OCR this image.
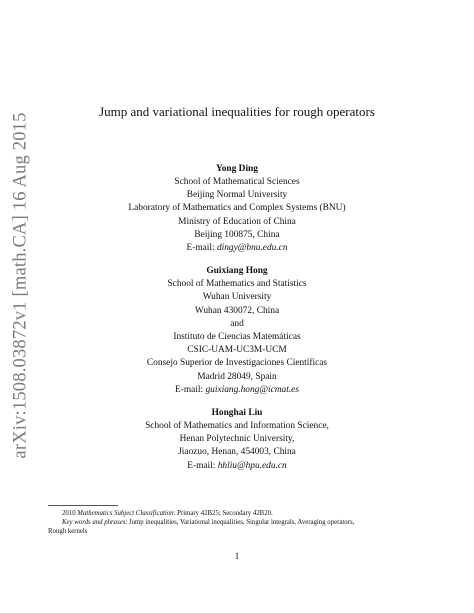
arXiv:1508.03872v1 [math.CA] 16 Aug 2015
Jump and variational inequalities for rough operators
Yong Ding
School of Mathematical Sciences
Beijing Normal University
Laboratory of Mathematics and Complex Systems (BNU)
Ministry of Education of China
Beijing 100875, China
E-mail: dingy@bnu.edu.cn
Guixiang Hong
School of Mathematics and Statistics
Wuhan University
Wuhan 430072, China
and
Instituto de Ciencias Matemáticas
CSIC-UAM-UC3M-UCM
Consejo Superior de Investigaciones Científicas
Madrid 28049, Spain
E-mail: guixiang.hong@icmat.es
Honghai Liu
School of Mathematics and Information Science,
Henan Polytechnic University,
Jiaozuo, Henan, 454003, China
E-mail: hhliu@hpu.edu.cn
2010 Mathematics Subject Classification: Primary 42B25; Secondary 42B20.
Key words and phrases: Jump inequalities, Variational inequalities, Singular integrals, Averaging operators,
Rough kernels
1
